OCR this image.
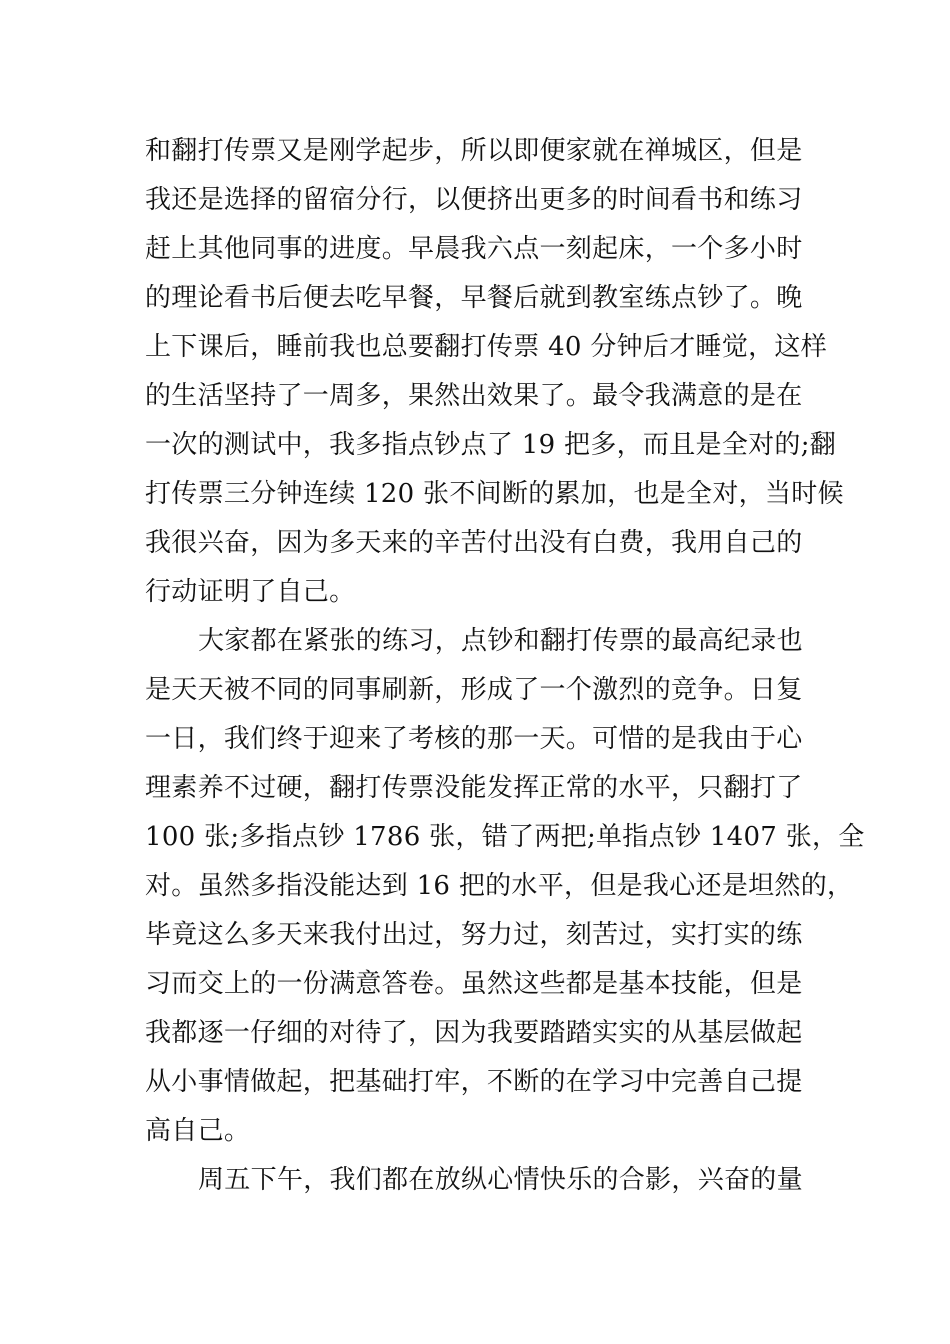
和翻打传票又是刚学起步，所以即便家就在禅城区，但是
我还是选择的留宿分行，以便挤出更多的时间看书和练习
赶上其他同事的进度。早晨我六点一刻起床，一个多小时
的理论看书后便去吃早餐，早餐后就到教室练点钞了。晚
上下课后，睡前我也总要翻打传票 40 分钟后才睡觉，这样
的生活坚持了一周多，果然出效果了。最令我满意的是在
一次的测试中，我多指点钞点了 19 把多，而且是全对的;翻
打传票三分钟连续 120 张不间断的累加，也是全对，当时候
我很兴奋，因为多天来的辛苦付出没有白费，我用自己的
行动证明了自己。
大家都在紧张的练习，点钞和翻打传票的最高纪录也
是天天被不同的同事刷新，形成了一个激烈的竞争。日复
一日，我们终于迎来了考核的那一天。可惜的是我由于心
理素养不过硬，翻打传票没能发挥正常的水平，只翻打了
100 张;多指点钞 1786 张，错了两把;单指点钞 1407 张，全
对。虽然多指没能达到 16 把的水平，但是我心还是坦然的，
毕竟这么多天来我付出过，努力过，刻苦过，实打实的练
习而交上的一份满意答卷。虽然这些都是基本技能，但是
我都逐一仔细的对待了，因为我要踏踏实实的从基层做起
从小事情做起，把基础打牢，不断的在学习中完善自己提
高自己。
周五下午，我们都在放纵心情快乐的合影，兴奋的量
